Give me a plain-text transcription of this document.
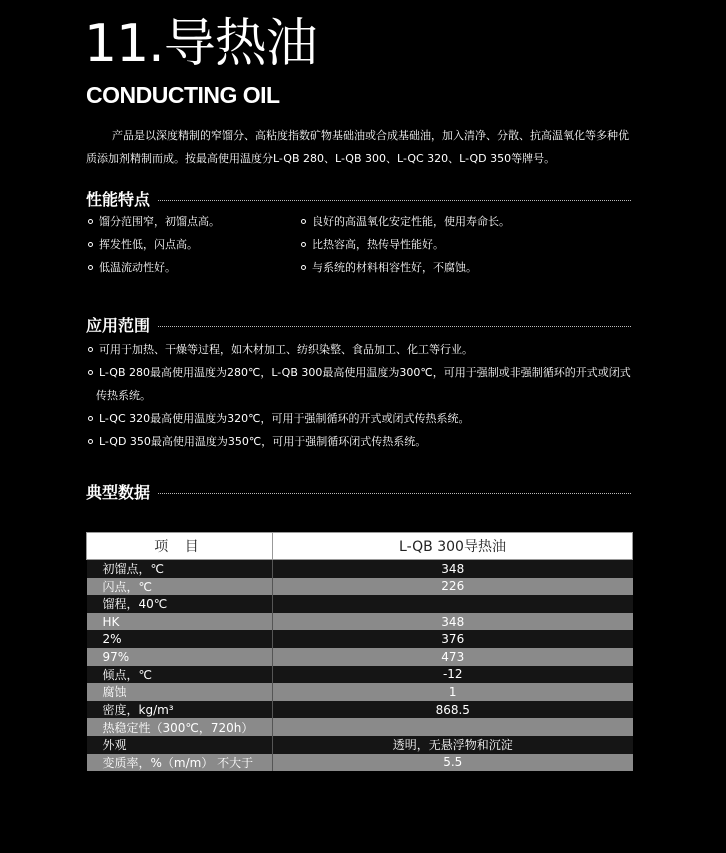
11.导热油
CONDUCTING OIL
产品是以深度精制的窄馏分、高粘度指数矿物基础油或合成基础油，加入清净、分散、抗高温氧化等多种优
质添加剂精制而成。按最高使用温度分L-QB 280、L-QB 300、L-QC 320、L-QD 350等牌号。
性能特点
馏分范围窄，初馏点高。
挥发性低，闪点高。
低温流动性好。
良好的高温氧化安定性能，使用寿命长。
比热容高，热传导性能好。
与系统的材料相容性好，不腐蚀。
应用范围
可用于加热、干燥等过程，如木材加工、纺织染整、食品加工、化工等行业。
L-QB 280最高使用温度为280℃，L-QB 300最高使用温度为300℃，可用于强制或非强制循环的开式或闭式
传热系统。
L-QC 320最高使用温度为320℃，可用于强制循环的开式或闭式传热系统。
L-QD 350最高使用温度为350℃，可用于强制循环闭式传热系统。
典型数据
项 目	L-QB 300导热油
初馏点，℃	348
闪点，℃	226
馏程，40℃	
HK	348
2%	376
97%	473
倾点，℃	-12
腐蚀	1
密度，kg/m³	868.5
热稳定性（300℃，720h）	
外观	透明，无悬浮物和沉淀
变质率，%（m/m） 不大于	5.5
